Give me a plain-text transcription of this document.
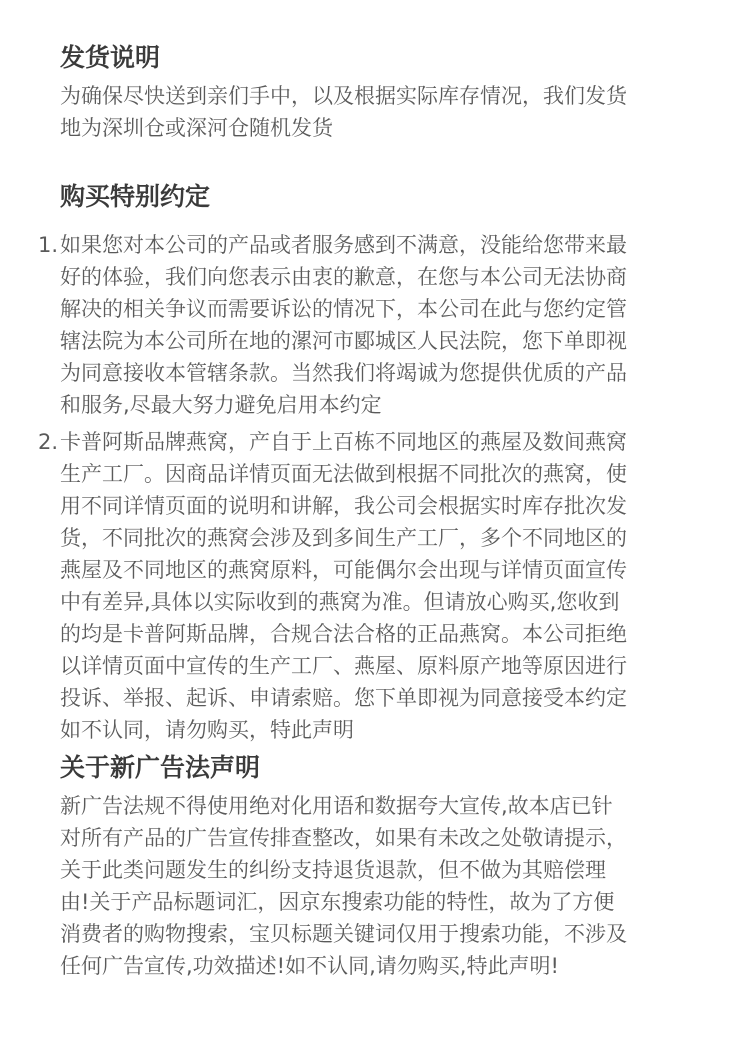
发货说明
为确保尽快送到亲们手中，以及根据实际库存情况，我们发货
地为深圳仓或深河仓随机发货
购买特别约定
1. 如果您对本公司的产品或者服务感到不满意，没能给您带来最
好的体验，我们向您表示由衷的歉意，在您与本公司无法协商
解决的相关争议而需要诉讼的情况下，本公司在此与您约定管
辖法院为本公司所在地的漯河市郾城区人民法院，您下单即视
为同意接收本管辖条款。当然我们将竭诚为您提供优质的产品
和服务,尽最大努力避免启用本约定
2. 卡普阿斯品牌燕窝，产自于上百栋不同地区的燕屋及数间燕窝
生产工厂。因商品详情页面无法做到根据不同批次的燕窝，使
用不同详情页面的说明和讲解，我公司会根据实时库存批次发
货，不同批次的燕窝会涉及到多间生产工厂，多个不同地区的
燕屋及不同地区的燕窝原料，可能偶尔会出现与详情页面宣传
中有差异,具体以实际收到的燕窝为准。但请放心购买,您收到
的均是卡普阿斯品牌，合规合法合格的正品燕窝。本公司拒绝
以详情页面中宣传的生产工厂、燕屋、原料原产地等原因进行
投诉、举报、起诉、申请索赔。您下单即视为同意接受本约定
如不认同，请勿购买，特此声明
关于新广告法声明
新广告法规不得使用绝对化用语和数据夸大宣传,故本店已针
对所有产品的广告宣传排查整改，如果有未改之处敬请提示，
关于此类问题发生的纠纷支持退货退款，但不做为其赔偿理
由!关于产品标题词汇，因京东搜索功能的特性，故为了方便
消费者的购物搜索，宝贝标题关键词仅用于搜索功能，不涉及
任何广告宣传,功效描述!如不认同,请勿购买,特此声明!
